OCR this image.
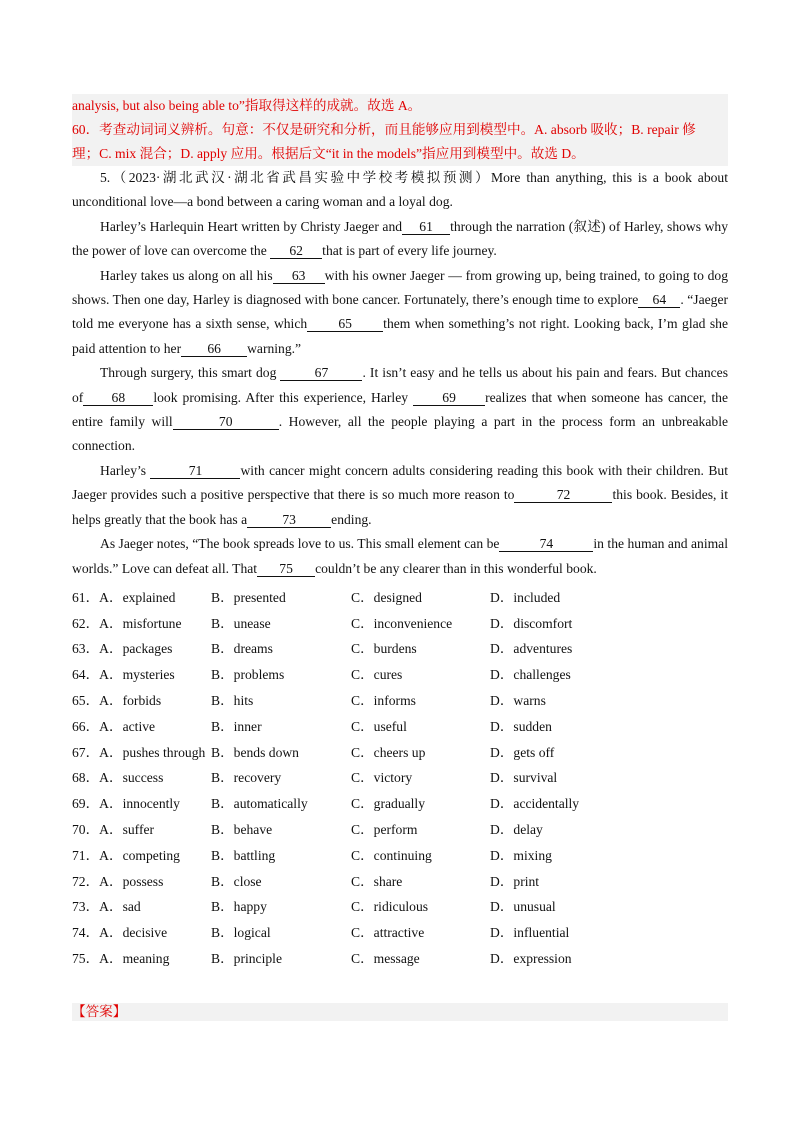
analysis, but also being able to”指取得这样的成就。故选 A。
60．考查动词词义辨析。句意：不仅是研究和分析，而且能够应用到模型中。A. absorb 吸收；B. repair 修
理；C. mix 混合；D. apply 应用。根据后文“it in the models”指应用到模型中。故选 D。
5.（2023·湖北武汉·湖北省武昌实验中学校考模拟预测）More than anything, this is a book about unconditional love—a bond between a caring woman and a loyal dog.
Harley’s Harlequin Heart written by Christy Jaeger and 61 through the narration (叙述) of Harley, shows why the power of love can overcome the 62 that is part of every life journey.
Harley takes us along on all his 63 with his owner Jaeger — from growing up, being trained, to going to dog shows. Then one day, Harley is diagnosed with bone cancer. Fortunately, there’s enough time to explore 64 . “Jaeger told me everyone has a sixth sense, which 65 them when something’s not right. Looking back, I’m glad she paid attention to her 66 warning.”
Through surgery, this smart dog	67	. It isn’t easy and he tells us about his pain and fears. But chances of 68 look promising. After this experience, Harley	69 realizes that when someone has cancer, the entire family will	70	. However, all the people playing a part in the process form an unbreakable connection.
Harley’s	71	with cancer might concern adults considering reading this book with their children. But Jaeger provides such a positive perspective that there is so much more reason to	72	this book. Besides, it helps greatly that the book has a	73	ending.
As Jaeger notes, “The book spreads love to us. This small element can be	74	in the human and animal worlds.” Love can defeat all. That 75 couldn’t be any clearer than in this wonderful book.
61．A．explained	B．presented	C．designed	D．included
62．A．misfortune	B．unease	C．inconvenience	D．discomfort
63．A．packages	B．dreams	C．burdens	D．adventures
64．A．mysteries	B．problems	C．cures	D．challenges
65．A．forbids	B．hits	C．informs	D．warns
66．A．active	B．inner	C．useful	D．sudden
67．A．pushes through B．bends down	C．cheers up	D．gets off
68．A．success	B．recovery	C．victory	D．survival
69．A．innocently	B．automatically	C．gradually	D．accidentally
70．A．suffer	B．behave	C．perform	D．delay
71．A．competing	B．battling	C．continuing	D．mixing
72．A．possess	B．close	C．share	D．print
73．A．sad	B．happy	C．ridiculous	D．unusual
74．A．decisive	B．logical	C．attractive	D．influential
75．A．meaning	B．principle	C．message	D．expression
【答案】
